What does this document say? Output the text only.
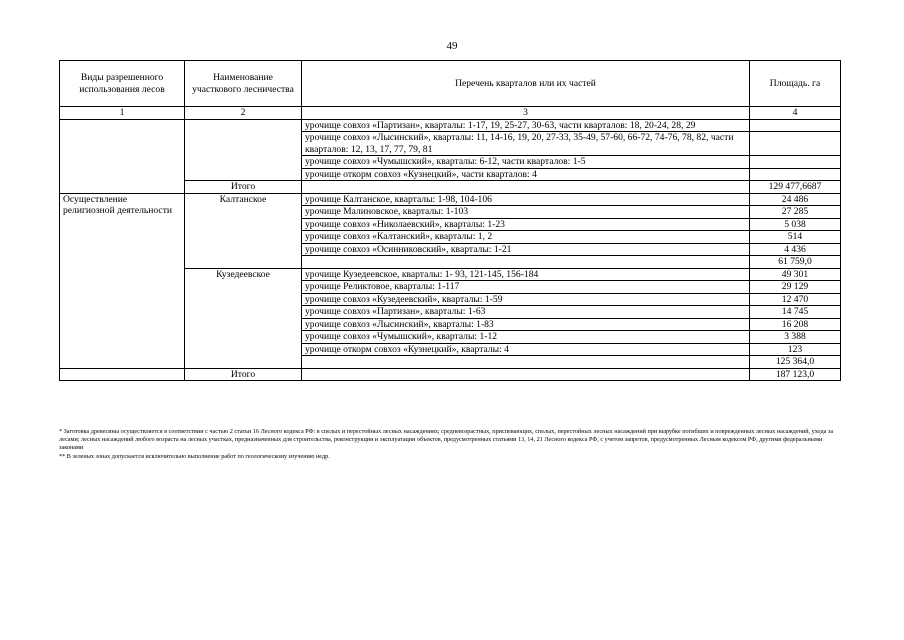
49
Виды разрешенного использования лесов	Наименование участкового лесничества	Перечень кварталов или их частей	Площадь. га
1	2	3	4
		урочище совхоз «Партизан», кварталы: 1-17, 19, 25-27, 30-63, части кварталов: 18, 20-24, 28, 29	
		урочище совхоз «Лысинский», кварталы: 11, 14-16, 19, 20, 27-33, 35-49, 57-60, 66-72, 74-76, 78, 82, части кварталов: 12, 13, 17, 77, 79, 81	
		урочище совхоз «Чумышский», кварталы: 6-12, части кварталов: 1-5	
		урочище откорм совхоз «Кузнецкий», части кварталов: 4	
	Итого		129 477,6687
Осуществление религиозной деятельности	Калтанское	урочище Калтанское, кварталы: 1-98, 104-106	24 486
		урочище Малиновское, кварталы: 1-103	27 285
		урочище совхоз «Николаевский», кварталы: 1-23	5 038
		урочище совхоз «Калтанский», кварталы: 1, 2	514
		урочище совхоз «Осинниковский», кварталы: 1-21	4 436
			61 759,0
	Кузедеевское	урочище Кузедеевское, кварталы: 1- 93, 121-145, 156-184	49 301
		урочище Реликтовое, кварталы: 1-117	29 129
		урочище совхоз «Кузедеевский», кварталы: 1-59	12 470
		урочище совхоз «Партизан», кварталы: 1-63	14 745
		урочище совхоз «Лысинский», кварталы: 1-83	16 208
		урочище совхоз «Чумышский», кварталы: 1-12	3 388
		урочище откорм совхоз «Кузнецкий», кварталы: 4	123
			125 364,0
	Итого		187 123,0

* Заготовка древесины осуществляется в соответствии с частью 2 статьи 16 Лесного кодекса РФ: в спелых и перестойных лесных насаждениях; средневозрастных, приспевающих, спелых, перестойных лесных насаждений при вырубке погибших и поврежденных лесных насаждений, ухода за лесами; лесных насаждений любого возраста на лесных участках, предназначенных для строительства, реконструкции и эксплуатации объектов, предусмотренных статьями 13, 14, 21 Лесного кодекса РФ, с учетом запретов, предусмотренных Лесным кодексом РФ, другими федеральными законами

** В зеленых зонах допускается исключительно выполнение работ по геологическому изучению недр.
